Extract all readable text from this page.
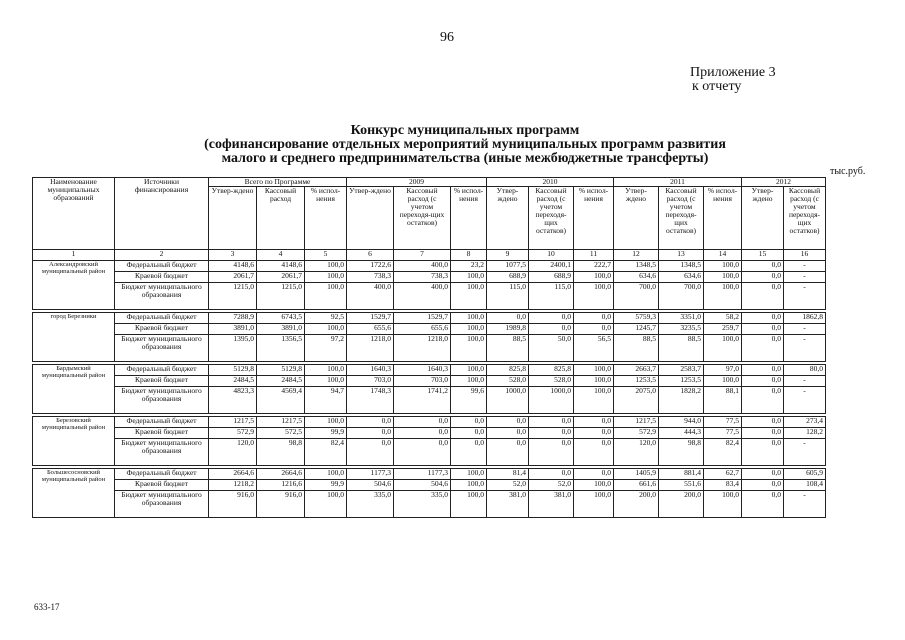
96
Приложение 3
к отчету
Конкурс муниципальных программ
(софинансирование отдельных мероприятий муниципальных программ развития
малого и среднего предпринимательства (иные межбюджетные трансферты)
тыс.руб.
Наименование муниципальных образований	Источники финансирования	Всего по Программе			2009			2010			2011			2012	
		Утвер-ждено	Кассовый расход	% испол-нения	Утвер-ждено	Кассовый расход (с учетом переходя-щих остатков)	% испол-нения	Утвер-ждено	Кассовый расход (с учетом переходя-щих остатков)	% испол-нения	Утвер-ждено	Кассовый расход (с учетом переходя-щих остатков)	% испол-нения	Утвер-ждено	Кассовый расход (с учетом переходя-щих остатков)
1	2	3	4	5	6	7	8	9	10	11	12	13	14	15	16
Александровский муниципальный район	Федеральный бюджет	4148,6	4148,6	100,0	1722,6	400,0	23,2	1077,5	2400,1	222,7	1348,5	1348,5	100,0	0,0	-
	Краевой бюджет	2061,7	2061,7	100,0	738,3	738,3	100,0	688,9	688,9	100,0	634,6	634,6	100,0	0,0	-
	Бюджет муниципального образования	1215,0	1215,0	100,0	400,0	400,0	100,0	115,0	115,0	100,0	700,0	700,0	100,0	0,0	-

город Березники	Федеральный бюджет	7288,9	6743,5	92,5	1529,7	1529,7	100,0	0,0	0,0	0,0	5759,3	3351,0	58,2	0,0	1862,8
	Краевой бюджет	3891,0	3891,0	100,0	655,6	655,6	100,0	1989,8	0,0	0,0	1245,7	3235,5	259,7	0,0	-
	Бюджет муниципального образования	1395,0	1356,5	97,2	1218,0	1218,0	100,0	88,5	50,0	56,5	88,5	88,5	100,0	0,0	-

Бардымский муниципальный район	Федеральный бюджет	5129,8	5129,8	100,0	1640,3	1640,3	100,0	825,8	825,8	100,0	2663,7	2583,7	97,0	0,0	80,0
	Краевой бюджет	2484,5	2484,5	100,0	703,0	703,0	100,0	528,0	528,0	100,0	1253,5	1253,5	100,0	0,0	-
	Бюджет муниципального образования	4823,3	4569,4	94,7	1748,3	1741,2	99,6	1000,0	1000,0	100,0	2075,0	1828,2	88,1	0,0	-

Березовский муниципальный район	Федеральный бюджет	1217,5	1217,5	100,0	0,0	0,0	0,0	0,0	0,0	0,0	1217,5	944,0	77,5	0,0	273,4
	Краевой бюджет	572,9	572,5	99,9	0,0	0,0	0,0	0,0	0,0	0,0	572,9	444,3	77,5	0,0	128,2
	Бюджет муниципального образования	120,0	98,8	82,4	0,0	0,0	0,0	0,0	0,0	0,0	120,0	98,8	82,4	0,0	-

Большесосновский муниципальный район	Федеральный бюджет	2664,6	2664,6	100,0	1177,3	1177,3	100,0	81,4	0,0	0,0	1405,9	881,4	62,7	0,0	605,9
	Краевой бюджет	1218,2	1216,6	99,9	504,6	504,6	100,0	52,0	52,0	100,0	661,6	551,6	83,4	0,0	108,4
	Бюджет муниципального образования	916,0	916,0	100,0	335,0	335,0	100,0	381,0	381,0	100,0	200,0	200,0	100,0	0,0	-
633-17
